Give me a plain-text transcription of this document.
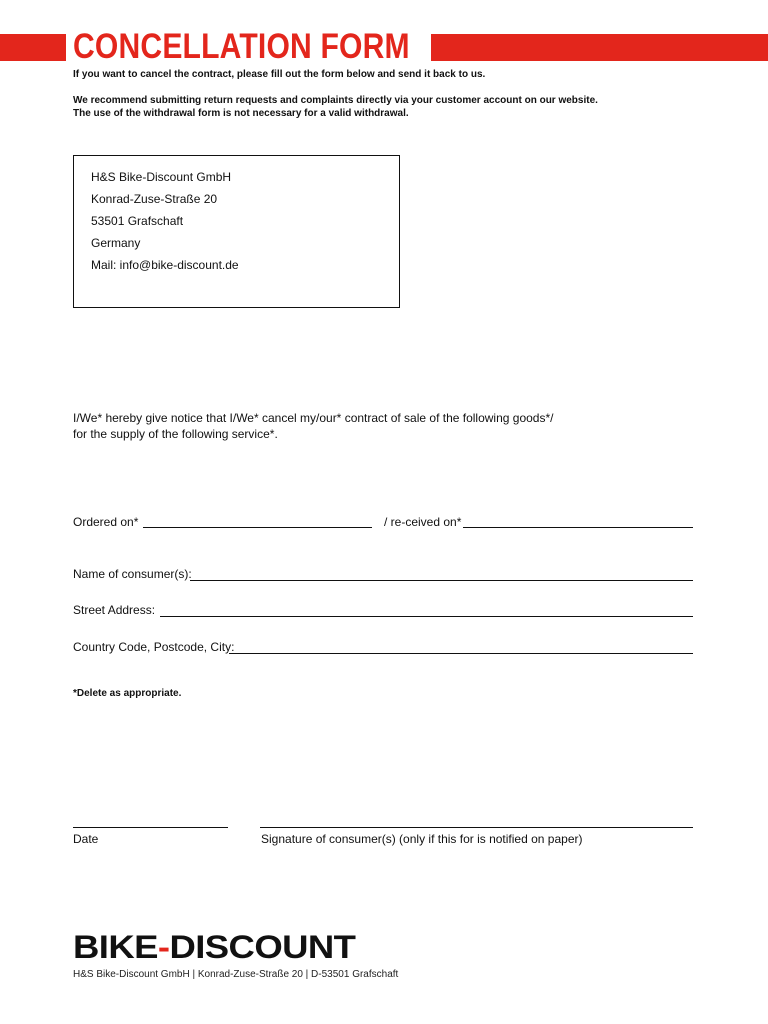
CONCELLATION FORM
If you want to cancel the contract, please fill out the form below and send it back to us.
We recommend submitting return requests and complaints directly via your customer account on our website.
The use of the withdrawal form is not necessary for a valid withdrawal.
H&S Bike-Discount GmbH
Konrad-Zuse-Straße 20
53501 Grafschaft
Germany
Mail: info@bike-discount.de
I/We* hereby give notice that I/We* cancel my/our* contract of sale of the following goods*/
for the supply of the following service*.
Ordered on*	/ re-ceived on*
Name of consumer(s):
Street Address:
Country Code, Postcode, City:
*Delete as appropriate.
Date	Signature of consumer(s) (only if this for is notified on paper)
BIKE-DISCOUNT
H&S Bike-Discount GmbH | Konrad-Zuse-Straße 20 | D-53501 Grafschaft
